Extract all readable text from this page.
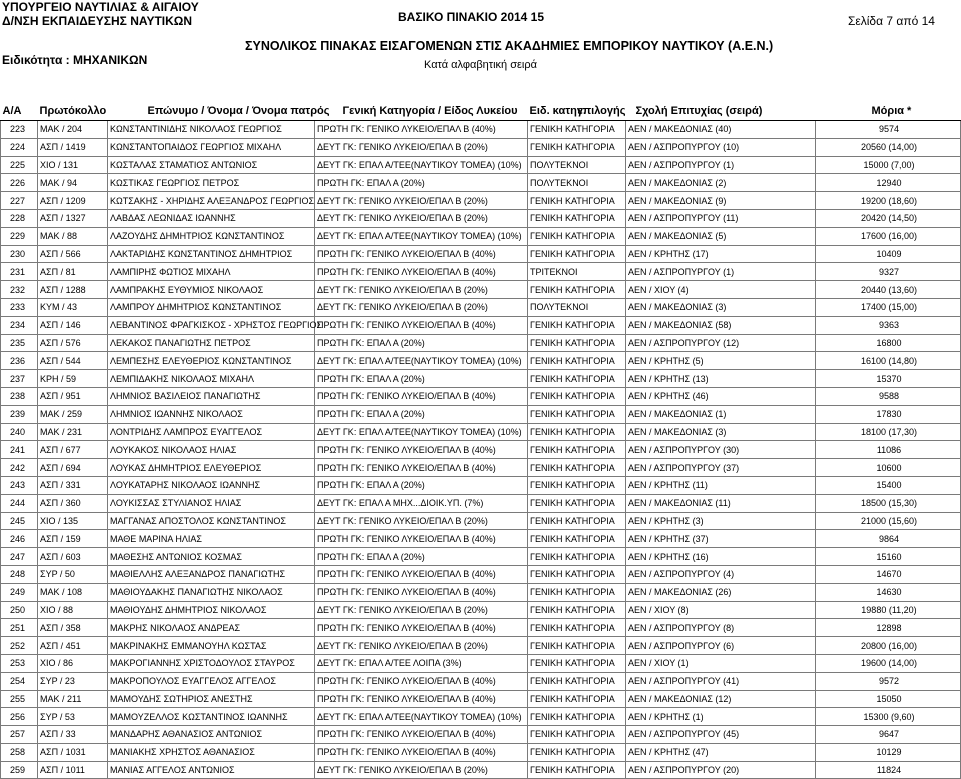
ΥΠΟΥΡΓΕΙΟ ΝΑΥΤΙΛΙΑΣ & ΑΙΓΑΙΟΥ
Δ/ΝΣΗ ΕΚΠΑΙΔΕΥΣΗΣ ΝΑΥΤΙΚΩΝ	ΒΑΣΙΚΟ ΠΙΝΑΚΙΟ 2014 15	Σελίδα 7 από 14
ΣΥΝΟΛΙΚΟΣ ΠΙΝΑΚΑΣ ΕΙΣΑΓΟΜΕΝΩΝ ΣΤΙΣ ΑΚΑΔΗΜΙΕΣ ΕΜΠΟΡΙΚΟΥ ΝΑΥΤΙΚΟΥ (Α.Ε.Ν.)
Κατά αλφαβητική σειρά
Ειδικότητα : ΜΗΧΑΝΙΚΩΝ
Α/Α	Πρωτόκολλο	Επώνυμο / Όνομα / Όνομα πατρός	Γενική Κατηγορία / Είδος Λυκείου	Ειδ. κατηγ.	επιλογής	Σχολή Επιτυχίας (σειρά)	Μόρια *
223	ΜΑΚ / 204	ΚΩΝΣΤΑΝΤΙΝΙΔΗΣ ΝΙΚΟΛΑΟΣ ΓΕΩΡΓΙΟΣ	ΠΡΩΤΗ ΓΚ: ΓΕΝΙΚΟ ΛΥΚΕΙΟ/ΕΠΑΛ Β (40%)	ΓΕΝΙΚΗ ΚΑΤΗΓΟΡΙΑ		ΑΕΝ / ΜΑΚΕΔΟΝΙΑΣ (40)	9574
224	ΑΣΠ / 1419	ΚΩΝΣΤΑΝΤΟΠΑΙΔΟΣ ΓΕΩΡΓΙΟΣ ΜΙΧΑΗΛ	ΔΕΥΤ ΓΚ: ΓΕΝΙΚΟ ΛΥΚΕΙΟ/ΕΠΑΛ Β (20%)	ΓΕΝΙΚΗ ΚΑΤΗΓΟΡΙΑ		ΑΕΝ / ΑΣΠΡΟΠΥΡΓΟΥ (10)	20560 (14,00)
225	ΧΙΟ / 131	ΚΩΣΤΑΛΑΣ ΣΤΑΜΑΤΙΟΣ ΑΝΤΩΝΙΟΣ	ΔΕΥΤ ΓΚ: ΕΠΑΛ Α/ΤΕΕ(ΝΑΥΤΙΚΟΥ ΤΟΜΕΑ) (10%)	ΠΟΛΥΤΕΚΝΟΙ		ΑΕΝ / ΑΣΠΡΟΠΥΡΓΟΥ (1)	15000 (7,00)
226	ΜΑΚ / 94	ΚΩΣΤΙΚΑΣ ΓΕΩΡΓΙΟΣ ΠΕΤΡΟΣ	ΠΡΩΤΗ ΓΚ: ΕΠΑΛ Α (20%)	ΠΟΛΥΤΕΚΝΟΙ		ΑΕΝ / ΜΑΚΕΔΟΝΙΑΣ (2)	12940
227	ΑΣΠ / 1209	ΚΩΤΣΑΚΗΣ - ΧΗΡΙΔΗΣ ΑΛΕΞΑΝΔΡΟΣ ΓΕΩΡΓΙΟΣ	ΔΕΥΤ ΓΚ: ΓΕΝΙΚΟ ΛΥΚΕΙΟ/ΕΠΑΛ Β (20%)	ΓΕΝΙΚΗ ΚΑΤΗΓΟΡΙΑ		ΑΕΝ / ΜΑΚΕΔΟΝΙΑΣ (9)	19200 (18,60)
228	ΑΣΠ / 1327	ΛΑΒΔΑΣ ΛΕΩΝΙΔΑΣ ΙΩΑΝΝΗΣ	ΔΕΥΤ ΓΚ: ΓΕΝΙΚΟ ΛΥΚΕΙΟ/ΕΠΑΛ Β (20%)	ΓΕΝΙΚΗ ΚΑΤΗΓΟΡΙΑ		ΑΕΝ / ΑΣΠΡΟΠΥΡΓΟΥ (11)	20420 (14,50)
229	ΜΑΚ / 88	ΛΑΖΟΥΔΗΣ ΔΗΜΗΤΡΙΟΣ ΚΩΝΣΤΑΝΤΙΝΟΣ	ΔΕΥΤ ΓΚ: ΕΠΑΛ Α/ΤΕΕ(ΝΑΥΤΙΚΟΥ ΤΟΜΕΑ) (10%)	ΓΕΝΙΚΗ ΚΑΤΗΓΟΡΙΑ		ΑΕΝ / ΜΑΚΕΔΟΝΙΑΣ (5)	17600 (16,00)
230	ΑΣΠ / 566	ΛΑΚΤΑΡΙΔΗΣ ΚΩΝΣΤΑΝΤΙΝΟΣ ΔΗΜΗΤΡΙΟΣ	ΠΡΩΤΗ ΓΚ: ΓΕΝΙΚΟ ΛΥΚΕΙΟ/ΕΠΑΛ Β (40%)	ΓΕΝΙΚΗ ΚΑΤΗΓΟΡΙΑ		ΑΕΝ / ΚΡΗΤΗΣ (17)	10409
231	ΑΣΠ / 81	ΛΑΜΠΙΡΗΣ ΦΩΤΙΟΣ ΜΙΧΑΗΛ	ΠΡΩΤΗ ΓΚ: ΓΕΝΙΚΟ ΛΥΚΕΙΟ/ΕΠΑΛ Β (40%)	ΤΡΙΤΕΚΝΟΙ		ΑΕΝ / ΑΣΠΡΟΠΥΡΓΟΥ (1)	9327
232	ΑΣΠ / 1288	ΛΑΜΠΡΑΚΗΣ ΕΥΘΥΜΙΟΣ ΝΙΚΟΛΑΟΣ	ΔΕΥΤ ΓΚ: ΓΕΝΙΚΟ ΛΥΚΕΙΟ/ΕΠΑΛ Β (20%)	ΓΕΝΙΚΗ ΚΑΤΗΓΟΡΙΑ		ΑΕΝ / ΧΙΟΥ (4)	20440 (13,60)
233	ΚΥΜ / 43	ΛΑΜΠΡΟΥ ΔΗΜΗΤΡΙΟΣ ΚΩΝΣΤΑΝΤΙΝΟΣ	ΔΕΥΤ ΓΚ: ΓΕΝΙΚΟ ΛΥΚΕΙΟ/ΕΠΑΛ Β (20%)	ΠΟΛΥΤΕΚΝΟΙ		ΑΕΝ / ΜΑΚΕΔΟΝΙΑΣ (3)	17400 (15,00)
234	ΑΣΠ / 146	ΛΕΒΑΝΤΙΝΟΣ ΦΡΑΓΚΙΣΚΟΣ - ΧΡΗΣΤΟΣ ΓΕΩΡΓΙΟΣ	ΠΡΩΤΗ ΓΚ: ΓΕΝΙΚΟ ΛΥΚΕΙΟ/ΕΠΑΛ Β (40%)	ΓΕΝΙΚΗ ΚΑΤΗΓΟΡΙΑ		ΑΕΝ / ΜΑΚΕΔΟΝΙΑΣ (58)	9363
235	ΑΣΠ / 576	ΛΕΚΑΚΟΣ ΠΑΝΑΓΙΩΤΗΣ ΠΕΤΡΟΣ	ΠΡΩΤΗ ΓΚ: ΕΠΑΛ Α (20%)	ΓΕΝΙΚΗ ΚΑΤΗΓΟΡΙΑ		ΑΕΝ / ΑΣΠΡΟΠΥΡΓΟΥ (12)	16800
236	ΑΣΠ / 544	ΛΕΜΠΕΣΗΣ ΕΛΕΥΘΕΡΙΟΣ ΚΩΝΣΤΑΝΤΙΝΟΣ	ΔΕΥΤ ΓΚ: ΕΠΑΛ Α/ΤΕΕ(ΝΑΥΤΙΚΟΥ ΤΟΜΕΑ) (10%)	ΓΕΝΙΚΗ ΚΑΤΗΓΟΡΙΑ		ΑΕΝ / ΚΡΗΤΗΣ (5)	16100 (14,80)
237	ΚΡΗ / 59	ΛΕΜΠΙΔΑΚΗΣ ΝΙΚΟΛΑΟΣ ΜΙΧΑΗΛ	ΠΡΩΤΗ ΓΚ: ΕΠΑΛ Α (20%)	ΓΕΝΙΚΗ ΚΑΤΗΓΟΡΙΑ		ΑΕΝ / ΚΡΗΤΗΣ (13)	15370
238	ΑΣΠ / 951	ΛΗΜΝΙΟΣ ΒΑΣΙΛΕΙΟΣ ΠΑΝΑΓΙΩΤΗΣ	ΠΡΩΤΗ ΓΚ: ΓΕΝΙΚΟ ΛΥΚΕΙΟ/ΕΠΑΛ Β (40%)	ΓΕΝΙΚΗ ΚΑΤΗΓΟΡΙΑ		ΑΕΝ / ΚΡΗΤΗΣ (46)	9588
239	ΜΑΚ / 259	ΛΗΜΝΙΟΣ ΙΩΑΝΝΗΣ ΝΙΚΟΛΑΟΣ	ΠΡΩΤΗ ΓΚ: ΕΠΑΛ Α (20%)	ΓΕΝΙΚΗ ΚΑΤΗΓΟΡΙΑ		ΑΕΝ / ΜΑΚΕΔΟΝΙΑΣ (1)	17830
240	ΜΑΚ / 231	ΛΟΝΤΡΙΔΗΣ ΛΑΜΠΡΟΣ ΕΥΑΓΓΕΛΟΣ	ΔΕΥΤ ΓΚ: ΕΠΑΛ Α/ΤΕΕ(ΝΑΥΤΙΚΟΥ ΤΟΜΕΑ) (10%)	ΓΕΝΙΚΗ ΚΑΤΗΓΟΡΙΑ		ΑΕΝ / ΜΑΚΕΔΟΝΙΑΣ (3)	18100 (17,30)
241	ΑΣΠ / 677	ΛΟΥΚΑΚΟΣ ΝΙΚΟΛΑΟΣ ΗΛΙΑΣ	ΠΡΩΤΗ ΓΚ: ΓΕΝΙΚΟ ΛΥΚΕΙΟ/ΕΠΑΛ Β (40%)	ΓΕΝΙΚΗ ΚΑΤΗΓΟΡΙΑ		ΑΕΝ / ΑΣΠΡΟΠΥΡΓΟΥ (30)	11086
242	ΑΣΠ / 694	ΛΟΥΚΑΣ ΔΗΜΗΤΡΙΟΣ ΕΛΕΥΘΕΡΙΟΣ	ΠΡΩΤΗ ΓΚ: ΓΕΝΙΚΟ ΛΥΚΕΙΟ/ΕΠΑΛ Β (40%)	ΓΕΝΙΚΗ ΚΑΤΗΓΟΡΙΑ		ΑΕΝ / ΑΣΠΡΟΠΥΡΓΟΥ (37)	10600
243	ΑΣΠ / 331	ΛΟΥΚΑΤΑΡΗΣ ΝΙΚΟΛΑΟΣ ΙΩΑΝΝΗΣ	ΠΡΩΤΗ ΓΚ: ΕΠΑΛ Α (20%)	ΓΕΝΙΚΗ ΚΑΤΗΓΟΡΙΑ		ΑΕΝ / ΚΡΗΤΗΣ (11)	15400
244	ΑΣΠ / 360	ΛΟΥΚΙΣΣΑΣ ΣΤΥΛΙΑΝΟΣ ΗΛΙΑΣ	ΔΕΥΤ ΓΚ: ΕΠΑΛ Α ΜΗΧ...ΔΙΟΙΚ.ΥΠ. (7%)	ΓΕΝΙΚΗ ΚΑΤΗΓΟΡΙΑ		ΑΕΝ / ΜΑΚΕΔΟΝΙΑΣ (11)	18500 (15,30)
245	ΧΙΟ / 135	ΜΑΓΓΑΝΑΣ ΑΠΟΣΤΟΛΟΣ ΚΩΝΣΤΑΝΤΙΝΟΣ	ΔΕΥΤ ΓΚ: ΓΕΝΙΚΟ ΛΥΚΕΙΟ/ΕΠΑΛ Β (20%)	ΓΕΝΙΚΗ ΚΑΤΗΓΟΡΙΑ		ΑΕΝ / ΚΡΗΤΗΣ (3)	21000 (15,60)
246	ΑΣΠ / 159	ΜΑΘΕ ΜΑΡΙΝΑ ΗΛΙΑΣ	ΠΡΩΤΗ ΓΚ: ΓΕΝΙΚΟ ΛΥΚΕΙΟ/ΕΠΑΛ Β (40%)	ΓΕΝΙΚΗ ΚΑΤΗΓΟΡΙΑ		ΑΕΝ / ΚΡΗΤΗΣ (37)	9864
247	ΑΣΠ / 603	ΜΑΘΕΣΗΣ ΑΝΤΩΝΙΟΣ ΚΟΣΜΑΣ	ΠΡΩΤΗ ΓΚ: ΕΠΑΛ Α (20%)	ΓΕΝΙΚΗ ΚΑΤΗΓΟΡΙΑ		ΑΕΝ / ΚΡΗΤΗΣ (16)	15160
248	ΣΥΡ / 50	ΜΑΘΙΕΛΛΗΣ ΑΛΕΞΑΝΔΡΟΣ ΠΑΝΑΓΙΩΤΗΣ	ΠΡΩΤΗ ΓΚ: ΓΕΝΙΚΟ ΛΥΚΕΙΟ/ΕΠΑΛ Β (40%)	ΓΕΝΙΚΗ ΚΑΤΗΓΟΡΙΑ		ΑΕΝ / ΑΣΠΡΟΠΥΡΓΟΥ (4)	14670
249	ΜΑΚ / 108	ΜΑΘΙΟΥΔΑΚΗΣ ΠΑΝΑΓΙΩΤΗΣ ΝΙΚΟΛΑΟΣ	ΠΡΩΤΗ ΓΚ: ΓΕΝΙΚΟ ΛΥΚΕΙΟ/ΕΠΑΛ Β (40%)	ΓΕΝΙΚΗ ΚΑΤΗΓΟΡΙΑ		ΑΕΝ / ΜΑΚΕΔΟΝΙΑΣ (26)	14630
250	ΧΙΟ / 88	ΜΑΘΙΟΥΔΗΣ ΔΗΜΗΤΡΙΟΣ ΝΙΚΟΛΑΟΣ	ΔΕΥΤ ΓΚ: ΓΕΝΙΚΟ ΛΥΚΕΙΟ/ΕΠΑΛ Β (20%)	ΓΕΝΙΚΗ ΚΑΤΗΓΟΡΙΑ		ΑΕΝ / ΧΙΟΥ (8)	19880 (11,20)
251	ΑΣΠ / 358	ΜΑΚΡΗΣ ΝΙΚΟΛΑΟΣ ΑΝΔΡΕΑΣ	ΠΡΩΤΗ ΓΚ: ΓΕΝΙΚΟ ΛΥΚΕΙΟ/ΕΠΑΛ Β (40%)	ΓΕΝΙΚΗ ΚΑΤΗΓΟΡΙΑ		ΑΕΝ / ΑΣΠΡΟΠΥΡΓΟΥ (8)	12898
252	ΑΣΠ / 451	ΜΑΚΡΙΝΑΚΗΣ ΕΜΜΑΝΟΥΗΛ ΚΩΣΤΑΣ	ΔΕΥΤ ΓΚ: ΓΕΝΙΚΟ ΛΥΚΕΙΟ/ΕΠΑΛ Β (20%)	ΓΕΝΙΚΗ ΚΑΤΗΓΟΡΙΑ		ΑΕΝ / ΑΣΠΡΟΠΥΡΓΟΥ (6)	20800 (16,00)
253	ΧΙΟ / 86	ΜΑΚΡΟΓΙΑΝΝΗΣ ΧΡΙΣΤΟΔΟΥΛΟΣ ΣΤΑΥΡΟΣ	ΔΕΥΤ ΓΚ: ΕΠΑΛ Α/ΤΕΕ ΛΟΙΠΑ (3%)	ΓΕΝΙΚΗ ΚΑΤΗΓΟΡΙΑ		ΑΕΝ / ΧΙΟΥ (1)	19600 (14,00)
254	ΣΥΡ / 23	ΜΑΚΡΟΠΟΥΛΟΣ ΕΥΑΓΓΕΛΟΣ ΑΓΓΕΛΟΣ	ΠΡΩΤΗ ΓΚ: ΓΕΝΙΚΟ ΛΥΚΕΙΟ/ΕΠΑΛ Β (40%)	ΓΕΝΙΚΗ ΚΑΤΗΓΟΡΙΑ		ΑΕΝ / ΑΣΠΡΟΠΥΡΓΟΥ (41)	9572
255	ΜΑΚ / 211	ΜΑΜΟΥΔΗΣ ΣΩΤΗΡΙΟΣ ΑΝΕΣΤΗΣ	ΠΡΩΤΗ ΓΚ: ΓΕΝΙΚΟ ΛΥΚΕΙΟ/ΕΠΑΛ Β (40%)	ΓΕΝΙΚΗ ΚΑΤΗΓΟΡΙΑ		ΑΕΝ / ΜΑΚΕΔΟΝΙΑΣ (12)	15050
256	ΣΥΡ / 53	ΜΑΜΟΥΖΕΛΛΟΣ ΚΩΣΤΑΝΤΙΝΟΣ ΙΩΑΝΝΗΣ	ΔΕΥΤ ΓΚ: ΕΠΑΛ Α/ΤΕΕ(ΝΑΥΤΙΚΟΥ ΤΟΜΕΑ) (10%)	ΓΕΝΙΚΗ ΚΑΤΗΓΟΡΙΑ		ΑΕΝ / ΚΡΗΤΗΣ (1)	15300 (9,60)
257	ΑΣΠ / 33	ΜΑΝΔΑΡΗΣ ΑΘΑΝΑΣΙΟΣ ΑΝΤΩΝΙΟΣ	ΠΡΩΤΗ ΓΚ: ΓΕΝΙΚΟ ΛΥΚΕΙΟ/ΕΠΑΛ Β (40%)	ΓΕΝΙΚΗ ΚΑΤΗΓΟΡΙΑ		ΑΕΝ / ΑΣΠΡΟΠΥΡΓΟΥ (45)	9647
258	ΑΣΠ / 1031	ΜΑΝΙΑΚΗΣ ΧΡΗΣΤΟΣ ΑΘΑΝΑΣΙΟΣ	ΠΡΩΤΗ ΓΚ: ΓΕΝΙΚΟ ΛΥΚΕΙΟ/ΕΠΑΛ Β (40%)	ΓΕΝΙΚΗ ΚΑΤΗΓΟΡΙΑ		ΑΕΝ / ΚΡΗΤΗΣ (47)	10129
259	ΑΣΠ / 1011	ΜΑΝΙΑΣ ΑΓΓΕΛΟΣ ΑΝΤΩΝΙΟΣ	ΔΕΥΤ ΓΚ: ΓΕΝΙΚΟ ΛΥΚΕΙΟ/ΕΠΑΛ Β (20%)	ΓΕΝΙΚΗ ΚΑΤΗΓΟΡΙΑ		ΑΕΝ / ΑΣΠΡΟΠΥΡΓΟΥ (20)	11824
